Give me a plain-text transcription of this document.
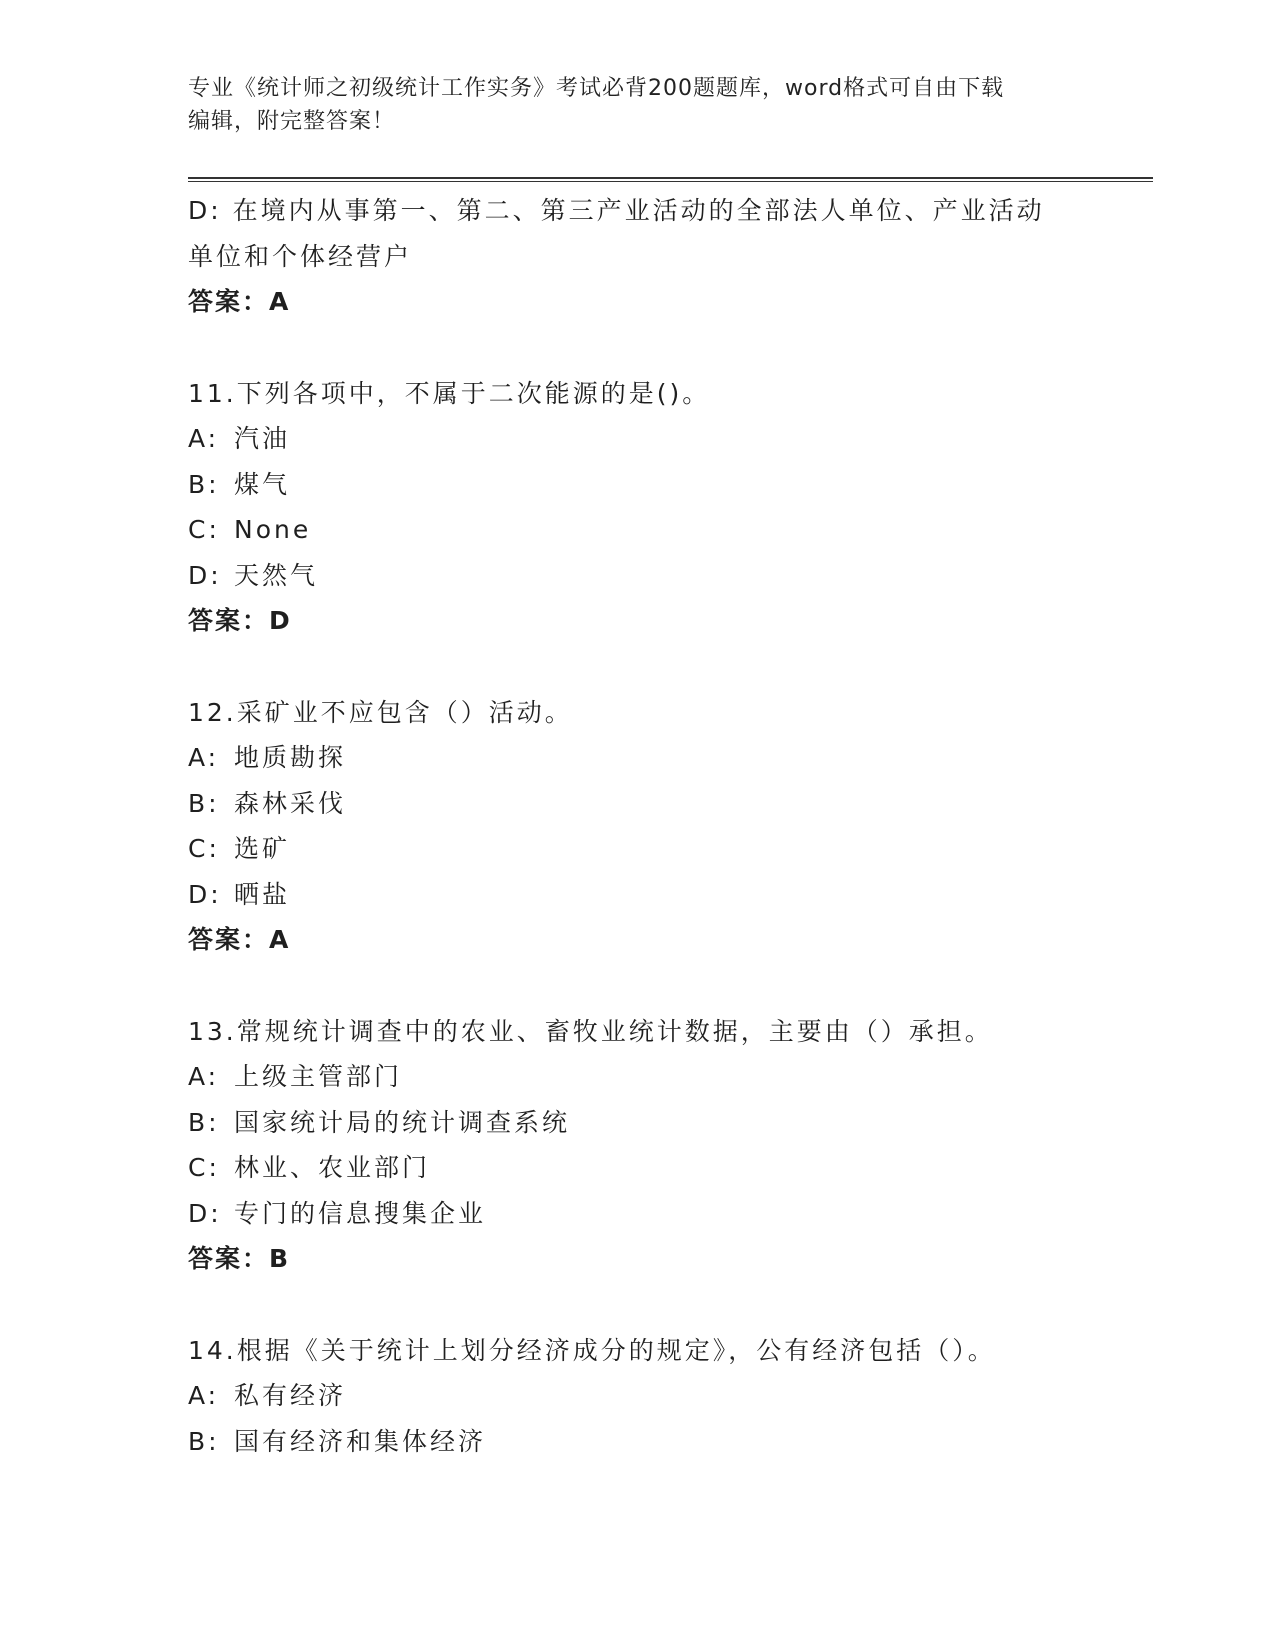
专业《统计师之初级统计工作实务》考试必背200题题库，word格式可自由下载
编辑，附完整答案！
D: 在境内从事第一、第二、第三产业活动的全部法人单位、产业活动
单位和个体经营户
答案：A
11.下列各项中，不属于二次能源的是()。
A: 汽油
B: 煤气
C: None
D: 天然气
答案：D
12.采矿业不应包含（）活动。
A: 地质勘探
B: 森林采伐
C: 选矿
D: 晒盐
答案：A
13.常规统计调查中的农业、畜牧业统计数据，主要由（）承担。
A: 上级主管部门
B: 国家统计局的统计调查系统
C: 林业、农业部门
D: 专门的信息搜集企业
答案：B
14.根据《关于统计上划分经济成分的规定》，公有经济包括（）。
A: 私有经济
B: 国有经济和集体经济
